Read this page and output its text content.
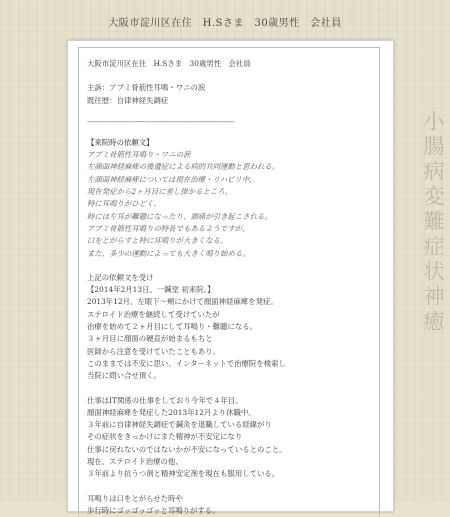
小腸病変難症状神癒
大阪市淀川区在住　H.Sさま　30歳男性　会社員
大阪市淀川区在住　H.Sさま　30歳男性　会社員
主訴：アブミ骨筋性耳鳴・ワニの涙
既往歴：自律神経失調症
-------------------------------------------------------------------
【来院時の依頼文】
アブミ骨筋性耳鳴り・ワニの涙
左顔面神経麻痺の後遺症による病的共同運動と思われる。
左顔面神経麻痺については現在治療・リハビリ中,
現在発症から2ヶ月目に差し掛かるところ。
特に耳鳴りがひどく、
時には左耳が難聴になったり、頭痛が引き起こされる。
アブミ骨筋性耳鳴りの特長でもあるようですが、
口をとがらすと特に耳鳴りが大きくなる。
また、多少の運動によっても大きく鳴り始める。
上記の依頼文を受け
【2014年2月13日、一鍼堂 初来院。】
2013年12月、左眼下～頬にかけて顔面神経麻痺を発症。
ステロイド治療を継続して受けていたが
治療を始めて２ヶ月目にして耳鳴り・難聴になる。
３ヶ月目に顔面の硬直が始まるもちと
医師から注意を受けていたこともあり、
このままでは不安に思い、インターネットで治療院を検索し
当院に問い合せ頂く。
仕事はIT関係の仕事をしており今年で４年目。
顔面神経麻痺を発症した2013年12月より休職中。
３年前に自律神経失調症で鍼灸を退職している経緯がり
その症状をきっかけにまた精神が不安定になり
仕事に戻れないのではないかが不安になっているとのこと。
現在、ステロイド治療の他、
３年前より抗うつ剤と精神安定剤を現在も服用している。
耳鳴りは口をとがらせた時や
歩行時にゴッゴッゴッと耳鳴りがする。
